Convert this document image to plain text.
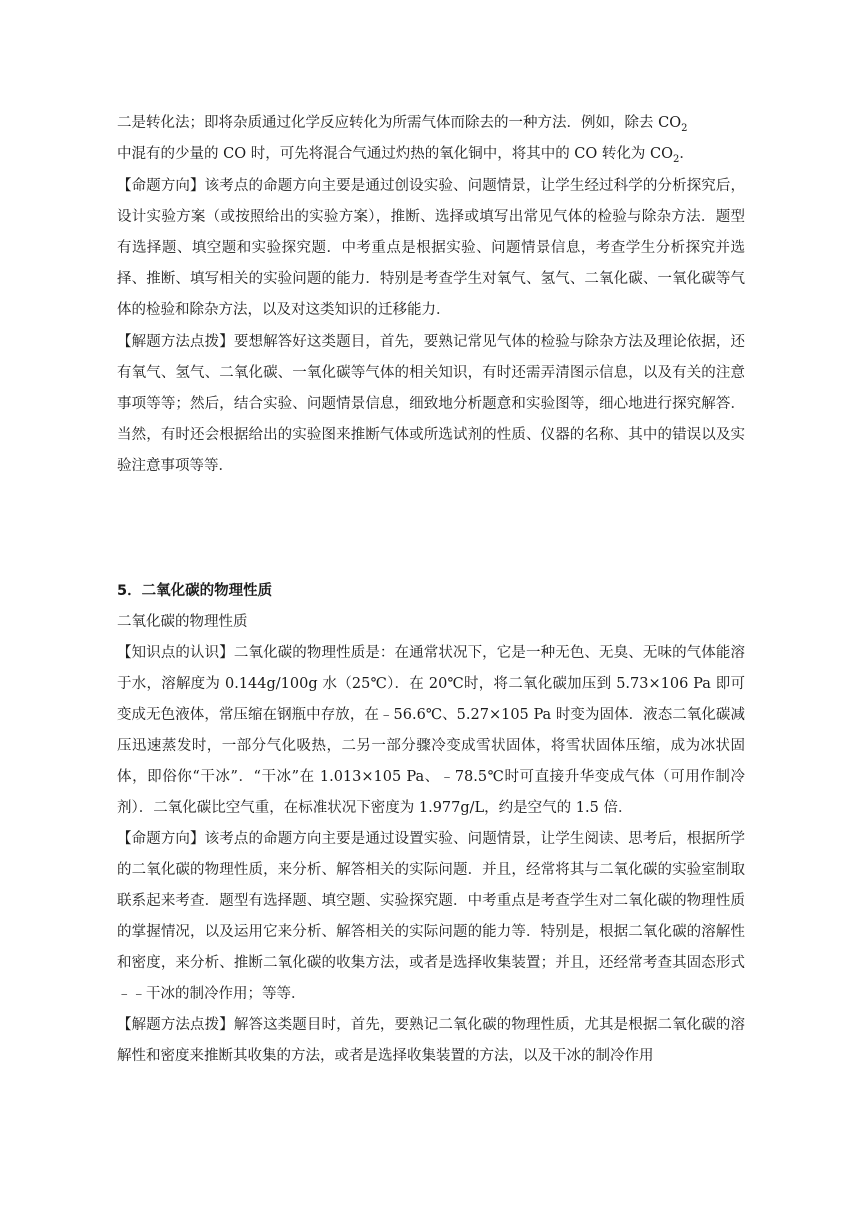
二是转化法；即将杂质通过化学反应转化为所需气体而除去的一种方法．例如，除去 $CO_2$

中混有的少量的 CO 时，可先将混合气通过灼热的氧化铜中，将其中的 CO 转化为 $CO_2$．

【命题方向】该考点的命题方向主要是通过创设实验、问题情景，让学生经过科学的分析探究后，设计实验方案（或按照给出的实验方案），推断、选择或填写出常见气体的检验与除杂方法．题型有选择题、填空题和实验探究题．中考重点是根据实验、问题情景信息，考查学生分析探究并选择、推断、填写相关的实验问题的能力．特别是考查学生对氧气、氢气、二氧化碳、一氧化碳等气体的检验和除杂方法，以及对这类知识的迁移能力．

【解题方法点拨】要想解答好这类题目，首先，要熟记常见气体的检验与除杂方法及理论依据，还有氧气、氢气、二氧化碳、一氧化碳等气体的相关知识，有时还需弄清图示信息，以及有关的注意事项等等；然后，结合实验、问题情景信息，细致地分析题意和实验图等，细心地进行探究解答．当然，有时还会根据给出的实验图来推断气体或所选试剂的性质、仪器的名称、其中的错误以及实验注意事项等等．

5．二氧化碳的物理性质

二氧化碳的物理性质

【知识点的认识】二氧化碳的物理性质是：在通常状况下，它是一种无色、无臭、无味的气体能溶于水，溶解度为 0.144g/100g 水（25℃）．在 20℃时，将二氧化碳加压到 5.73×106 Pa 即可变成无色液体，常压缩在钢瓶中存放，在﹣56.6℃、5.27×105 Pa 时变为固体．液态二氧化碳减压迅速蒸发时，一部分气化吸热，二另一部分骤冷变成雪状固体，将雪状固体压缩，成为冰状固体，即俗你“干冰”．“干冰”在 1.013×105 Pa、﹣78.5℃时可直接升华变成气体（可用作制冷剂）．二氧化碳比空气重，在标准状况下密度为 1.977g/L，约是空气的 1.5 倍．

【命题方向】该考点的命题方向主要是通过设置实验、问题情景，让学生阅读、思考后，根据所学的二氧化碳的物理性质，来分析、解答相关的实际问题．并且，经常将其与二氧化碳的实验室制取联系起来考查．题型有选择题、填空题、实验探究题．中考重点是考查学生对二氧化碳的物理性质的掌握情况，以及运用它来分析、解答相关的实际问题的能力等．特别是，根据二氧化碳的溶解性和密度，来分析、推断二氧化碳的收集方法，或者是选择收集装置；并且，还经常考查其固态形式﹣﹣干冰的制冷作用；等等．

【解题方法点拨】解答这类题目时，首先，要熟记二氧化碳的物理性质，尤其是根据二氧化碳的溶解性和密度来推断其收集的方法，或者是选择收集装置的方法，以及干冰的制冷作用
